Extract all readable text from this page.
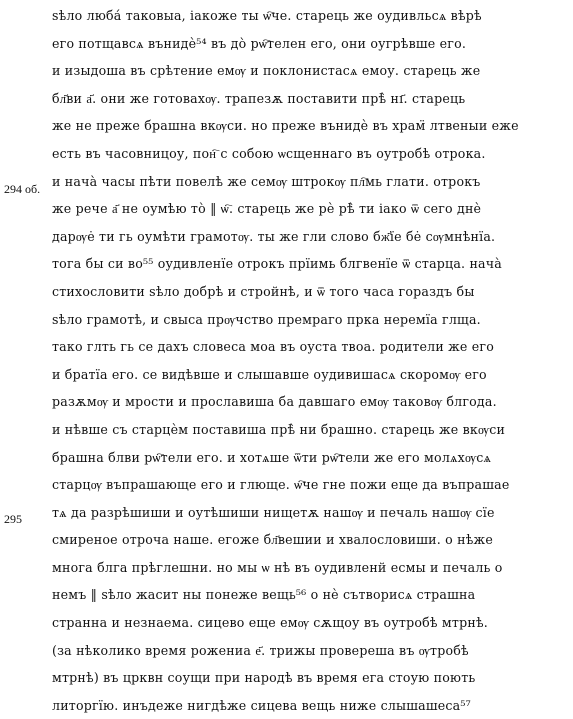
294 об.
295
ѕѣло люба́ таковыа, іакоже ты ѡ҇че. старець же оудивльсѧ вѣрѣ
его потщавсѧ вънидѐ⁵⁴ въ до̀ рѡ҇телен его, они оугрѣвше его.
и изыдоша въ срѣтение емѹ и поклонистасѧ емоу. старець же
бл҃ви а҃. они же готовахѹ. трапезѫ поставити прѣ̀ нı҃. старець
же не преже брашна вкѹси. но преже вънидѐ въ храм̈ лтвеныи еже
есть въ часовницоу, пон҇ с собою ѡсщеннаго въ оутробѣ отрока.
и нача̀ часы пѣти повелѣ же семѹ штрокѹ пл҇мь глати. отрокъ
же рече а҃ не оумѣю то̀ ‖ ѡ҇. старець же рѐ рѣ̀ ти іако ѿ сего днѐ
дарѹе̇ ти гь оумѣти грамотѹ. ты же гли слово бж҃їе бе̇ сѹмнѣнїа.
тога бы си во⁵⁵ оудивленїе отрокъ прїимь блгвенїе ѿ старца. нача̀
стихословити ѕѣло добрѣ и стройнѣ, и ѿ того часа гораздъ бы
ѕѣло грамотѣ, и свыса прѹчство премраго прка неремїа глща.
тако глть гь се дахъ словеса моа въ оуста твоа. родители же его
и братїа его. се видѣвше и слышавше оудивишасѧ скоромѹ его
разѫмѹ и мрости и прославиша ба давшаго емѹ таковѹ блгода.
и нѣвше съ старцѐм поставиша прѣ̀ ни брашно. старець же вкѹси
брашна блви рѡ҇тели его. и хотѧше ѿти рѡ҇тели же его молѧхѹсѧ
старцѹ въпрашающе его и глюще. ѡ҇че гне пожи еще да въпрашае
тѧ да разрѣшиши и оутѣшиши нищетѫ нашѹ и печаль нашѹ сїе
смиреное отроча наше. егоже бл҃вешии и хвалословиши. о нѣже
многа блга прѣглешни. но мы ѡ нѣ въ оудивленй есмы и печаль о
немъ ‖ ѕѣло жасит ны понеже вещь⁵⁶ о нѐ сътворисѧ страшна
странна и незнаема. сицево еще емѹ сѫщоу въ оутробѣ мтрнѣ.
(за нѣколико время рожениа е҃. трижы провереша въ ѹтробѣ
мтрнѣ) въ црквн соущи при народѣ въ время ега стоую поють
литоргїю. инъдеже нигдѣже сицева вещь ниже слышашеса⁵⁷
